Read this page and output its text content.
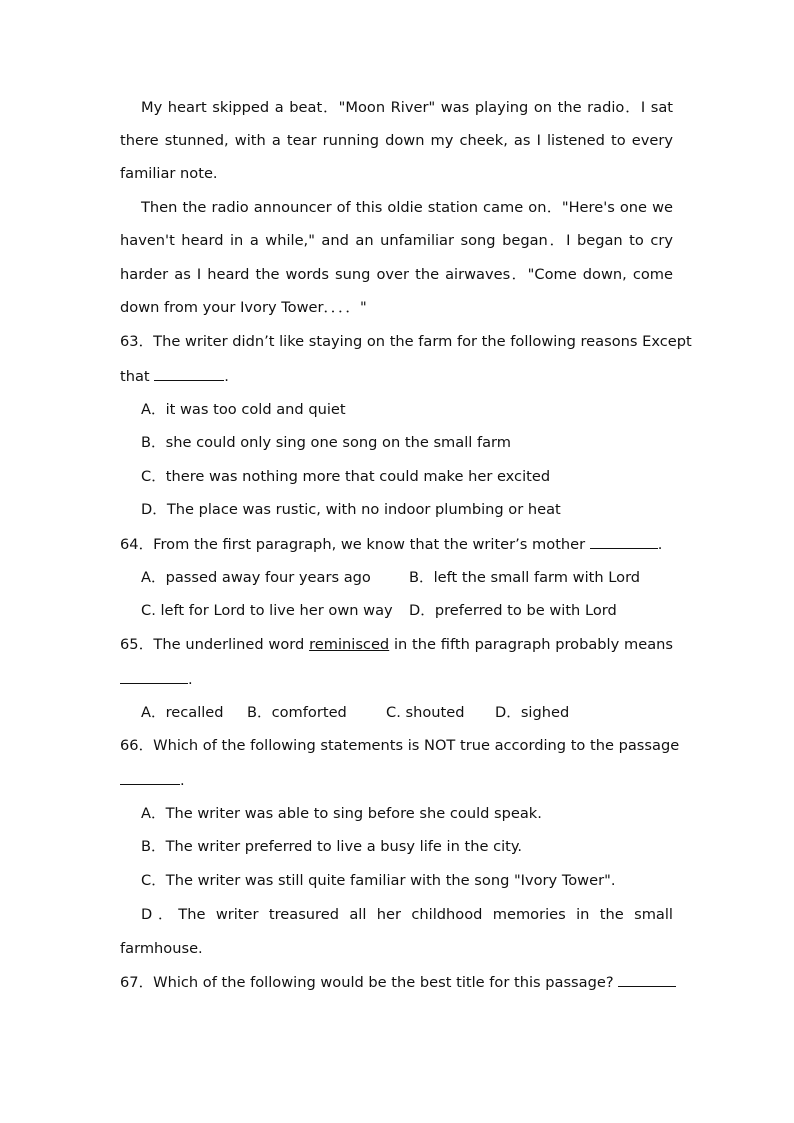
My heart skipped a beat．"Moon River" was playing on the radio．I sat
there stunned, with a tear running down my cheek, as I listened to every
familiar note.
Then the radio announcer of this oldie station came on．"Here's one we
haven't heard in a while," and an unfamiliar song began．I began to cry
harder as I heard the words sung over the airwaves．"Come down, come
down from your Ivory Tower．．．．"
63．The writer didn’t like staying on the farm for the following reasons Except
that	.
A．it was too cold and quiet
B．she could only sing one song on the small farm
C．there was nothing more that could make her excited
D．The place was rustic, with no indoor plumbing or heat
64．From the first paragraph, we know that the writer’s mother	.
A．passed away four years ago	B．left the small farm with Lord
C. left for Lord to live her own way D．preferred to be with Lord
65．The underlined word reminisced in the fifth paragraph probably means
.
A．recalled B．comforted	C. shouted D．sighed
66．Which of the following statements is NOT true according to the passage
.
A．The writer was able to sing before she could speak.
B．The writer preferred to live a busy life in the city.
C．The writer was still quite familiar with the song "Ivory Tower".
D．The writer treasured all her childhood memories in the small
farmhouse.
67．Which of the following would be the best title for this passage?
